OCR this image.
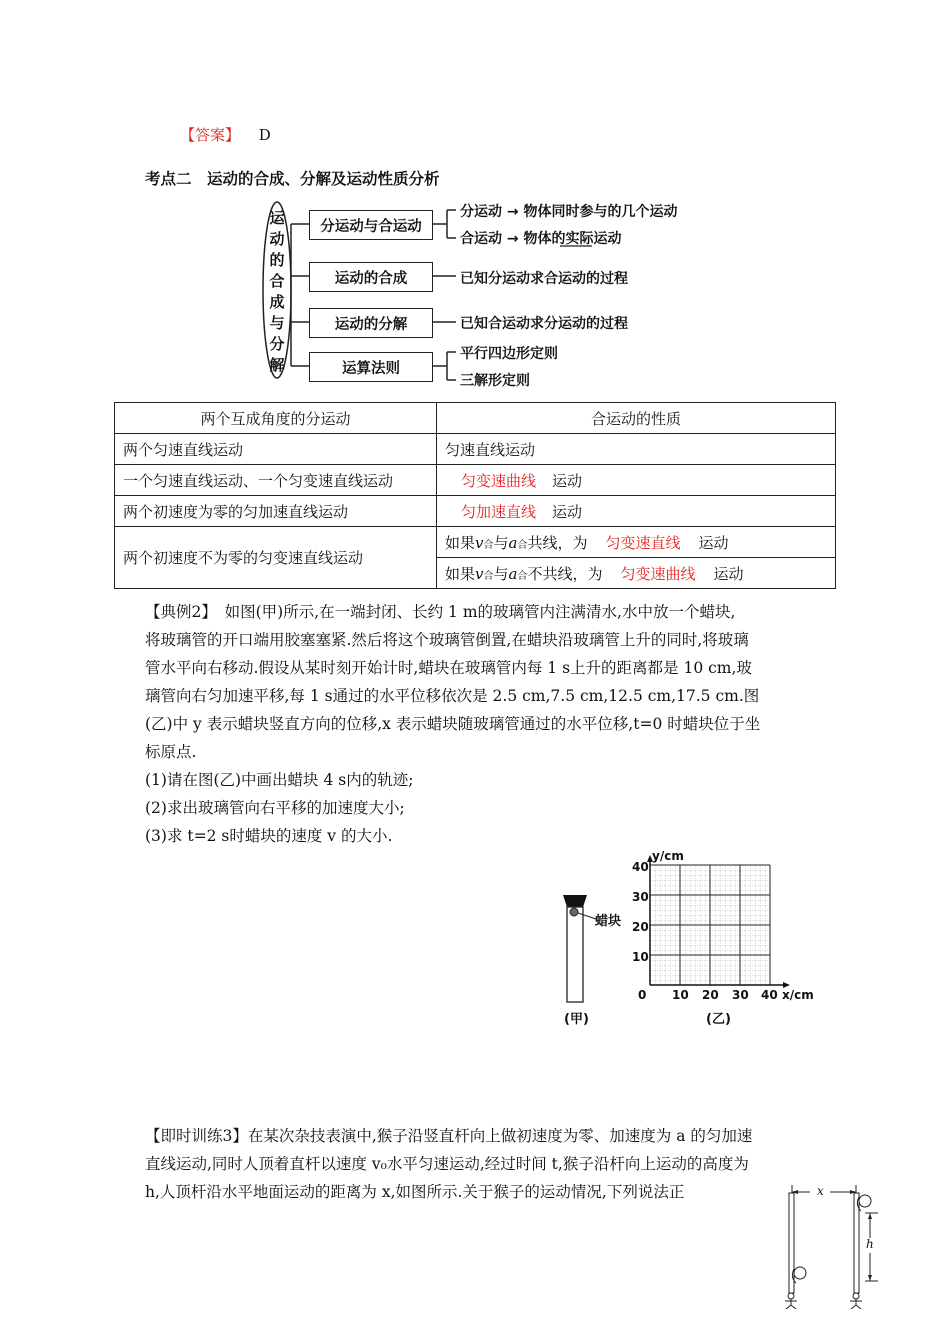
【答案】 D
考点二　运动的合成、分解及运动性质分析
运
动
的
合
成
与
分
解
分运动与合运动
运动的合成
运动的分解
运算法则
分运动 → 物体同时参与的几个运动
合运动 → 物体的实际运动
已知分运动求合运动的过程
已知合运动求分运动的过程
平行四边形定则
三解形定则
两个互成角度的分运动	合运动的性质
两个匀速直线运动	匀速直线运动
一个匀速直线运动、一个匀变速直线运动	匀变速曲线 运动
两个初速度为零的匀加速直线运动	匀加速直线 运动
两个初速度不为零的匀变速直线运动	如果v合与a合共线，为 匀变速直线 运动
	如果v合与a合不共线，为 匀变速曲线 运动
【典例2】　如图(甲)所示,在一端封闭、长约 1 m的玻璃管内注满清水,水中放一个蜡块,
将玻璃管的开口端用胶塞塞紧.然后将这个玻璃管倒置,在蜡块沿玻璃管上升的同时,将玻璃
管水平向右移动.假设从某时刻开始计时,蜡块在玻璃管内每 1 s上升的距离都是 10 cm,玻
璃管向右匀加速平移,每 1 s通过的水平位移依次是 2.5 cm,7.5 cm,12.5 cm,17.5 cm.图
(乙)中 y 表示蜡块竖直方向的位移,x 表示蜡块随玻璃管通过的水平位移,t=0 时蜡块位于坐
标原点.
(1)请在图(乙)中画出蜡块 4 s内的轨迹;
(2)求出玻璃管向右平移的加速度大小;
(3)求 t=2 s时蜡块的速度 v 的大小.
蜡块
(甲)
y/cm
x/cm
40
30
20
10
0 10 20 30 40
(乙)
【即时训练3】在某次杂技表演中,猴子沿竖直杆向上做初速度为零、加速度为 a 的匀加速
直线运动,同时人顶着直杆以速度 v₀水平匀速运动,经过时间 t,猴子沿杆向上运动的高度为
h,人顶杆沿水平地面运动的距离为 x,如图所示.关于猴子的运动情况,下列说法正	x
h
